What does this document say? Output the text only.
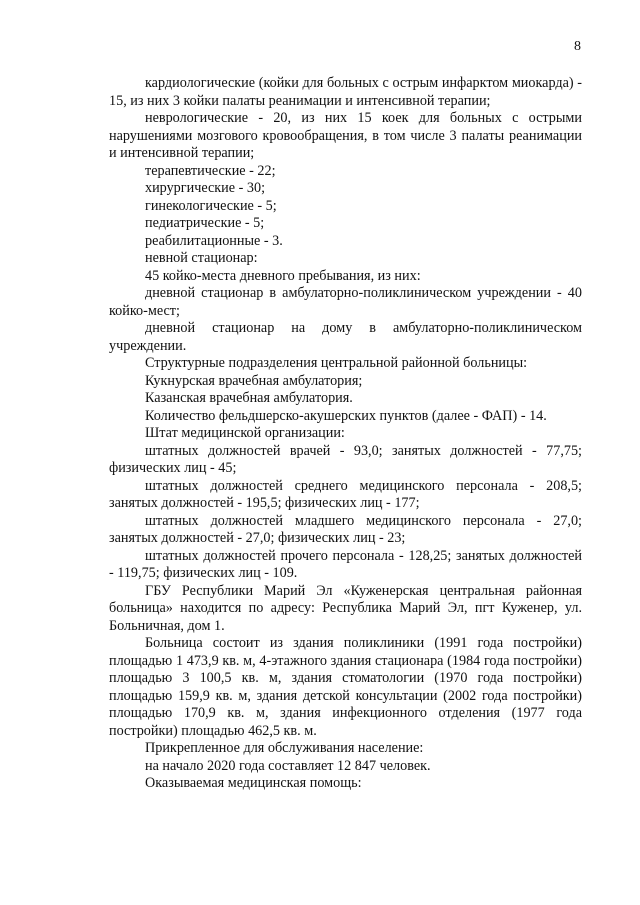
8

кардиологические (койки для больных с острым инфарктом миокарда) - 15, из них 3 койки палаты реанимации и интенсивной терапии;

неврологические - 20, из них 15 коек для больных с острыми нарушениями мозгового кровообращения, в том числе 3 палаты реанимации и интенсивной терапии;

терапевтические - 22;

хирургические - 30;

гинекологические - 5;

педиатрические - 5;

реабилитационные - 3.

невной стационар:

45 койко-места дневного пребывания, из них:

дневной стационар в амбулаторно-поликлиническом учреждении - 40 койко-мест;

дневной стационар на дому в амбулаторно-поликлиническом учреждении.

Структурные подразделения центральной районной больницы:

Кукнурская врачебная амбулатория;

Казанская врачебная амбулатория.

Количество фельдшерско-акушерских пунктов (далее - ФАП) - 14.

Штат медицинской организации:

штатных должностей врачей - 93,0; занятых должностей - 77,75; физических лиц - 45;

штатных должностей среднего медицинского персонала - 208,5; занятых должностей - 195,5; физических лиц - 177;

штатных должностей младшего медицинского персонала - 27,0; занятых должностей - 27,0; физических лиц - 23;

штатных должностей прочего персонала - 128,25; занятых должностей - 119,75; физических лиц - 109.

ГБУ Республики Марий Эл «Куженерская центральная районная больница» находится по адресу: Республика Марий Эл, пгт Куженер, ул. Больничная, дом 1.

Больница состоит из здания поликлиники (1991 года постройки) площадью 1 473,9 кв. м, 4-этажного здания стационара (1984 года постройки) площадью 3 100,5 кв. м, здания стоматологии (1970 года постройки) площадью 159,9 кв. м, здания детской консультации (2002 года постройки) площадью 170,9 кв. м, здания инфекционного отделения (1977 года постройки) площадью 462,5 кв. м.

Прикрепленное для обслуживания население:

на начало 2020 года составляет 12 847 человек.

Оказываемая медицинская помощь:
